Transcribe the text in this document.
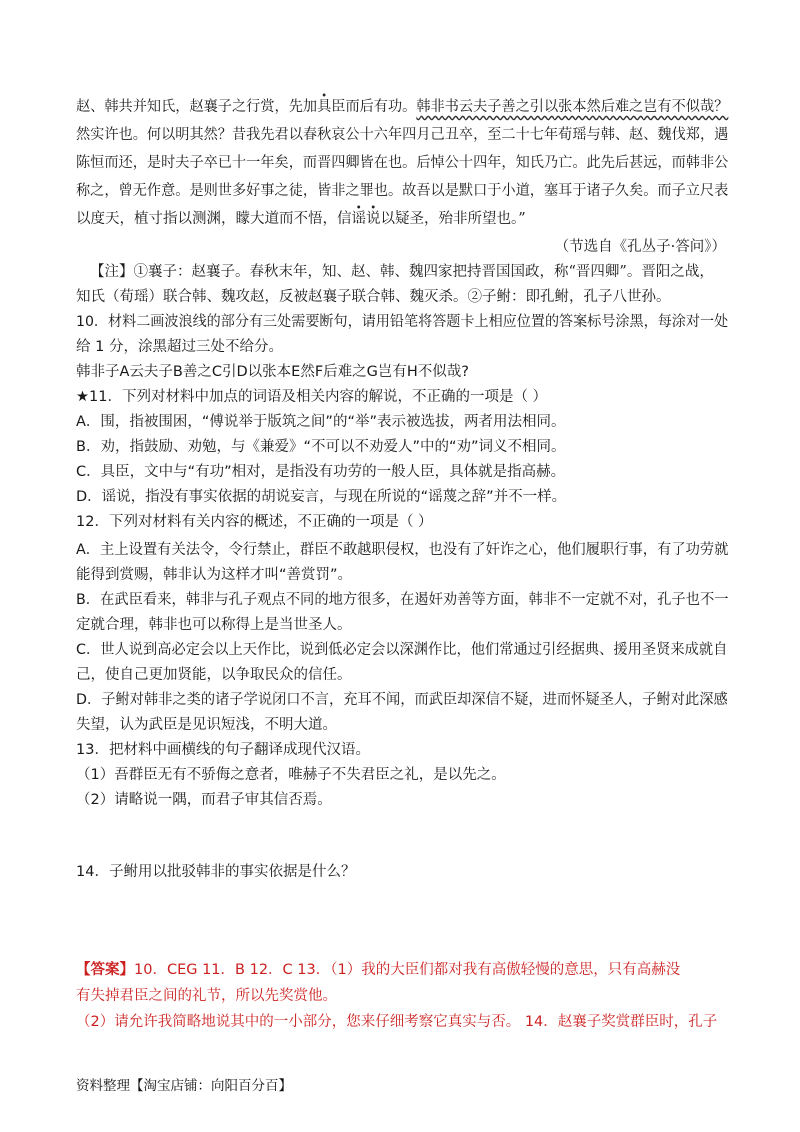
赵、韩共并知氏，赵襄子之行赏，先加具臣而后有功。韩非书云夫子善之引以张本然后难之岂有不似哉？
然实许也。何以明其然？昔我先君以春秋哀公十六年四月己丑卒，至二十七年荀瑶与韩、赵、魏伐郑，遇
陈恒而还，是时夫子卒已十一年矣，而晋四卿皆在也。后悼公十四年，知氏乃亡。此先后甚远，而韩非公
称之，曾无作意。是则世多好事之徒，皆非之罪也。故吾以是默口于小道，塞耳于诸子久矣。而子立尺表
以度天，植寸指以测渊，矇大道而不悟，信谣说以疑圣，殆非所望也。”
（节选自《孔丛子·答问》）
【注】①襄子：赵襄子。春秋末年，知、赵、韩、魏四家把持晋国国政，称“晋四卿”。晋阳之战，
知氏（荀瑶）联合韩、魏攻赵，反被赵襄子联合韩、魏灭杀。②子鲋：即孔鲋，孔子八世孙。
10．材料二画波浪线的部分有三处需要断句，请用铅笔将答题卡上相应位置的答案标号涂黑，每涂对一处
给 1 分，涂黑超过三处不给分。
韩非子A云夫子B善之C引D以张本E然F后难之G岂有H不似哉?
★11．下列对材料中加点的词语及相关内容的解说，不正确的一项是（ ）
A．围，指被围困，“傅说举于版筑之间”的“举”表示被选拔，两者用法相同。
B．劝，指鼓励、劝勉，与《兼爱》“不可以不劝爱人”中的“劝”词义不相同。
C．具臣，文中与“有功”相对，是指没有功劳的一般人臣，具体就是指高赫。
D．谣说，指没有事实依据的胡说妄言，与现在所说的“谣蔑之辞”并不一样。
12．下列对材料有关内容的概述，不正确的一项是（ ）
A．主上设置有关法令，令行禁止，群臣不敢越职侵权，也没有了奸诈之心，他们履职行事，有了功劳就
能得到赏赐，韩非认为这样才叫“善赏罚”。
B．在武臣看来，韩非与孔子观点不同的地方很多，在遏奸劝善等方面，韩非不一定就不对，孔子也不一
定就合理，韩非也可以称得上是当世圣人。
C．世人说到高必定会以上天作比，说到低必定会以深渊作比，他们常通过引经据典、援用圣贤来成就自
己，使自己更加贤能，以争取民众的信任。
D．子鲋对韩非之类的诸子学说闭口不言，充耳不闻，而武臣却深信不疑，进而怀疑圣人，子鲋对此深感
失望，认为武臣是见识短浅，不明大道。
13．把材料中画横线的句子翻译成现代汉语。
（1）吾群臣无有不骄侮之意者，唯赫子不失君臣之礼，是以先之。
（2）请略说一隅，而君子审其信否焉。
14．子鲋用以批驳韩非的事实依据是什么？
【答案】10．CEG 11．B 12．C 13．（1）我的大臣们都对我有高傲轻慢的意思，只有高赫没
有失掉君臣之间的礼节，所以先奖赏他。
（2）请允许我简略地说其中的一小部分，您来仔细考察它真实与否。 14．赵襄子奖赏群臣时，孔子
资料整理【淘宝店铺：向阳百分百】
